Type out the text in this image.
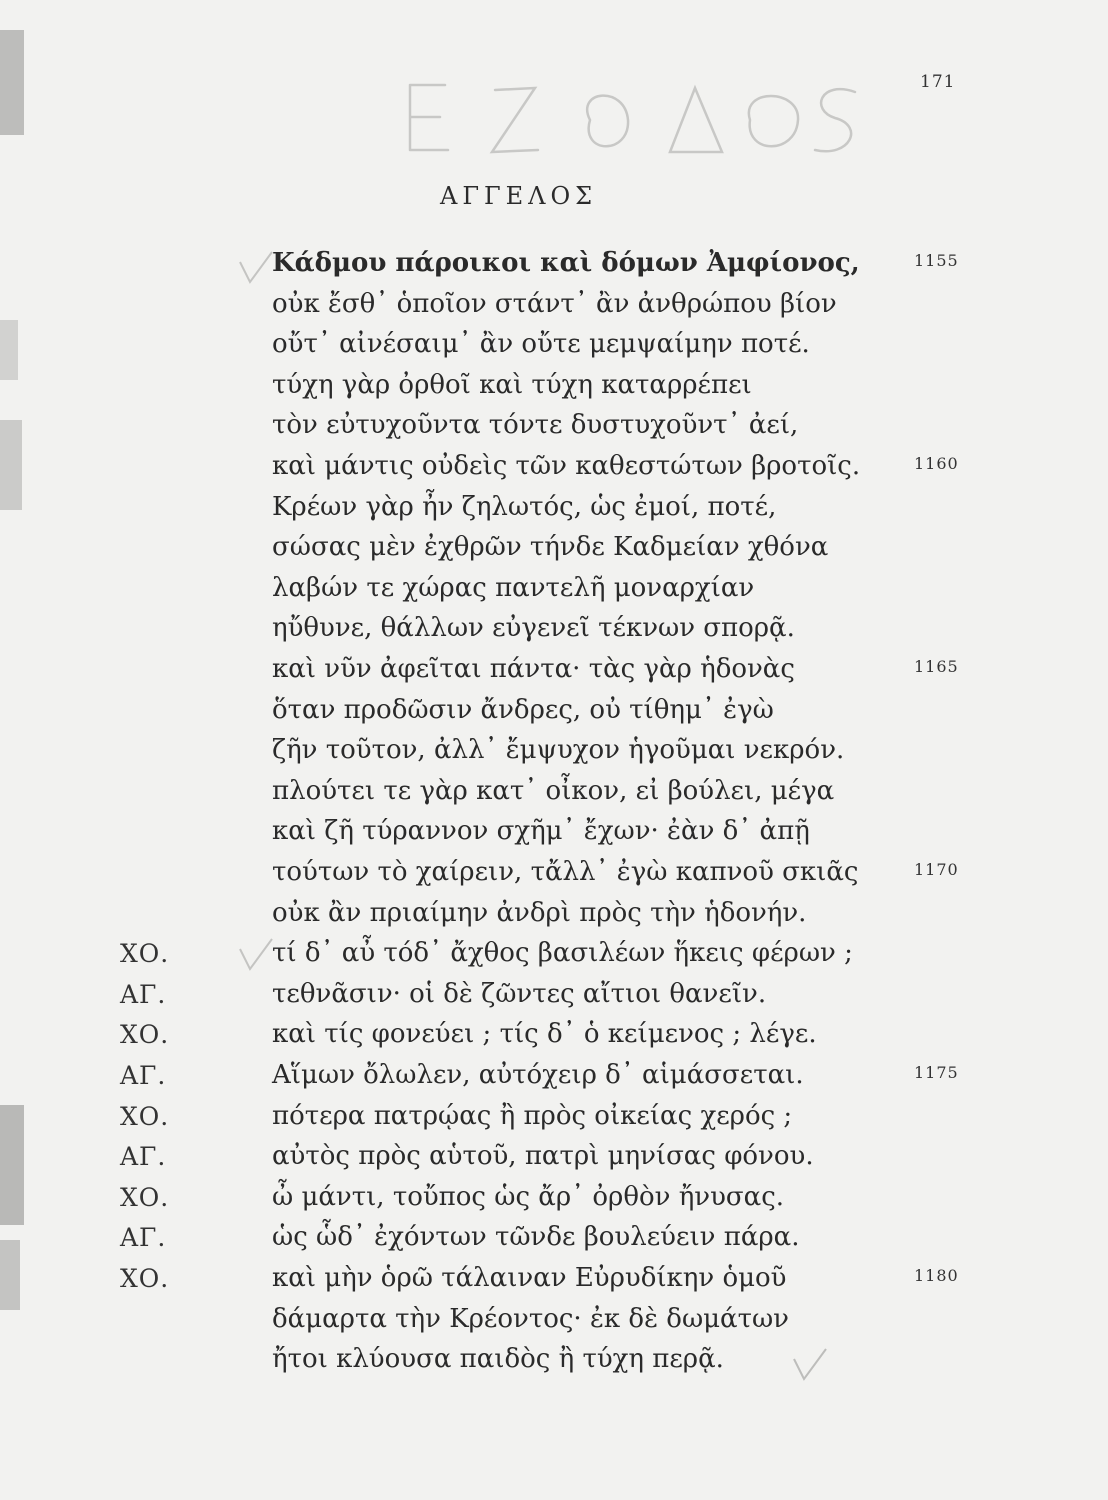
171
ΑΓΓΕΛΟΣ
Κάδμου πάροικοι καὶ δόμων Ἀμφίονος,	1155
οὐκ ἔσθ᾽ ὁποῖον στάντ᾽ ἂν ἀνθρώπου βίον
οὔτ᾽ αἰνέσαιμ᾽ ἂν οὔτε μεμψαίμην ποτέ.
τύχη γὰρ ὀρθοῖ καὶ τύχη καταρρέπει
τὸν εὐτυχοῦντα τόντε δυστυχοῦντ᾽ ἀεί,
καὶ μάντις οὐδεὶς τῶν καθεστώτων βροτοῖς.	1160
Κρέων γὰρ ἦν ζηλωτός, ὡς ἐμοί, ποτέ,
σώσας μὲν ἐχθρῶν τήνδε Καδμείαν χθόνα
λαβών τε χώρας παντελῆ μοναρχίαν
ηὔθυνε, θάλλων εὐγενεῖ τέκνων σπορᾷ.
καὶ νῦν ἀφεῖται πάντα· τὰς γὰρ ἡδονὰς	1165
ὅταν προδῶσιν ἄνδρες, οὐ τίθημ᾽ ἐγὼ
ζῆν τοῦτον, ἀλλ᾽ ἔμψυχον ἡγοῦμαι νεκρόν.
πλούτει τε γὰρ κατ᾽ οἶκον, εἰ βούλει, μέγα
καὶ ζῆ τύραννον σχῆμ᾽ ἔχων· ἐὰν δ᾽ ἀπῇ
τούτων τὸ χαίρειν, τἄλλ᾽ ἐγὼ καπνοῦ σκιᾶς	1170
οὐκ ἂν πριαίμην ἀνδρὶ πρὸς τὴν ἡδονήν.
ΧΟ.	τί δ᾽ αὖ τόδ᾽ ἄχθος βασιλέων ἥκεις φέρων ;
ΑΓ.	τεθνᾶσιν· οἱ δὲ ζῶντες αἴτιοι θανεῖν.
ΧΟ.	καὶ τίς φονεύει ; τίς δ᾽ ὁ κείμενος ; λέγε.
ΑΓ.	Αἵμων ὄλωλεν, αὐτόχειρ δ᾽ αἱμάσσεται.	1175
ΧΟ.	πότερα πατρῴας ἢ πρὸς οἰκείας χερός ;
ΑΓ.	αὐτὸς πρὸς αὑτοῦ, πατρὶ μηνίσας φόνου.
ΧΟ.	ὦ μάντι, τοὔπος ὡς ἄρ᾽ ὀρθὸν ἤνυσας.
ΑΓ.	ὡς ὧδ᾽ ἐχόντων τῶνδε βουλεύειν πάρα.
ΧΟ.	καὶ μὴν ὁρῶ τάλαιναν Εὐρυδίκην ὁμοῦ	1180
δάμαρτα τὴν Κρέοντος· ἐκ δὲ δωμάτων
ἤτοι κλύουσα παιδὸς ἢ τύχη περᾷ.
